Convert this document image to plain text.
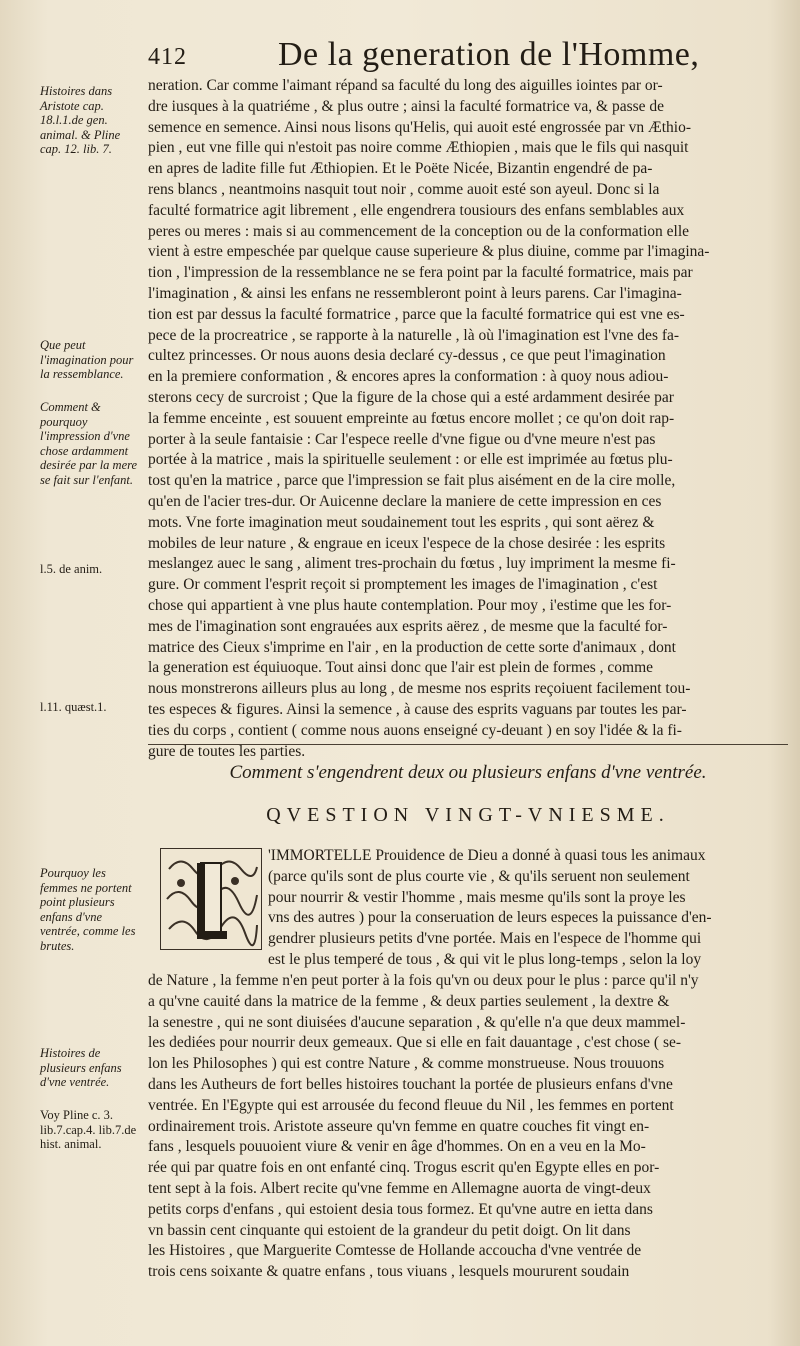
412	De la generation de l'Homme,
Histoires dans Aristote cap. 18.l.1.de gen. animal. & Pline cap. 12. lib. 7.
Que peut l'imagination pour la ressemblance.
Comment & pourquoy l'impression d'vne chose ardamment desirée par la mere se fait sur l'enfant.
l.5. de anim.
l.11. quæst.1.
Pourquoy les femmes ne portent point plusieurs enfans d'vne ventrée, comme les brutes.
Histoires de plusieurs enfans d'vne ventrée.
Voy Pline c. 3. lib.7.cap.4. lib.7.de hist. animal.
neration. Car comme l'aimant répand sa faculté du long des aiguilles iointes par or-
dre iusques à la quatriéme , & plus outre ; ainsi la faculté formatrice va, & passe de
semence en semence. Ainsi nous lisons qu'Helis, qui auoit esté engrossée par vn Æthio-
pien , eut vne fille qui n'estoit pas noire comme Æthiopien , mais que le fils qui nasquit
en apres de ladite fille fut Æthiopien. Et le Poëte Nicée, Bizantin engendré de pa-
rens blancs , neantmoins nasquit tout noir , comme auoit esté son ayeul. Donc si la
faculté formatrice agit librement , elle engendrera tousiours des enfans semblables aux
peres ou meres : mais si au commencement de la conception ou de la conformation elle
vient à estre empeschée par quelque cause superieure & plus diuine, comme par l'imagina-
tion , l'impression de la ressemblance ne se fera point par la faculté formatrice, mais par
l'imagination , & ainsi les enfans ne ressembleront point à leurs parens. Car l'imagina-
tion est par dessus la faculté formatrice , parce que la faculté formatrice qui est vne es-
pece de la procreatrice , se rapporte à la naturelle , là où l'imagination est l'vne des fa-
cultez princesses. Or nous auons desia declaré cy-dessus , ce que peut l'imagination
en la premiere conformation , & encores apres la conformation : à quoy nous adiou-
sterons cecy de surcroist ; Que la figure de la chose qui a esté ardamment desirée par
la femme enceinte , est souuent empreinte au fœtus encore mollet ; ce qu'on doit rap-
porter à la seule fantaisie : Car l'espece reelle d'vne figue ou d'vne meure n'est pas
portée à la matrice , mais la spirituelle seulement : or elle est imprimée au fœtus plu-
tost qu'en la matrice , parce que l'impression se fait plus aisément en de la cire molle,
qu'en de l'acier tres-dur. Or Auicenne declare la maniere de cette impression en ces
mots. Vne forte imagination meut soudainement tout les esprits , qui sont aërez &
mobiles de leur nature , & engraue en iceux l'espece de la chose desirée : les esprits
meslangez auec le sang , aliment tres-prochain du fœtus , luy impriment la mesme fi-
gure. Or comment l'esprit reçoit si promptement les images de l'imagination , c'est
chose qui appartient à vne plus haute contemplation. Pour moy , i'estime que les for-
mes de l'imagination sont engrauées aux esprits aërez , de mesme que la faculté for-
matrice des Cieux s'imprime en l'air , en la production de cette sorte d'animaux , dont
la generation est équiuoque. Tout ainsi donc que l'air est plein de formes , comme
nous monstrerons ailleurs plus au long , de mesme nos esprits reçoiuent facilement tou-
tes especes & figures. Ainsi la semence , à cause des esprits vaguans par toutes les par-
ties du corps , contient ( comme nous auons enseigné cy-deuant ) en soy l'idée & la fi-
gure de toutes les parties.
Comment s'engendrent deux ou plusieurs enfans d'vne ventrée.
QVESTION VINGT-VNIESME.
'IMMORTELLE Prouidence de Dieu a donné à quasi tous les animaux
(parce qu'ils sont de plus courte vie , & qu'ils seruent non seulement
pour nourrir & vestir l'homme , mais mesme qu'ils sont la proye les
vns des autres ) pour la conseruation de leurs especes la puissance d'en-
gendrer plusieurs petits d'vne portée. Mais en l'espece de l'homme qui
est le plus temperé de tous , & qui vit le plus long-temps , selon la loy
de Nature , la femme n'en peut porter à la fois qu'vn ou deux pour le plus : parce qu'il n'y
a qu'vne cauité dans la matrice de la femme , & deux parties seulement , la dextre &
la senestre , qui ne sont diuisées d'aucune separation , & qu'elle n'a que deux mammel-
les dediées pour nourrir deux gemeaux. Que si elle en fait dauantage , c'est chose ( se-
lon les Philosophes ) qui est contre Nature , & comme monstrueuse. Nous trouuons
dans les Autheurs de fort belles histoires touchant la portée de plusieurs enfans d'vne
ventrée. En l'Egypte qui est arrousée du fecond fleuue du Nil , les femmes en portent
ordinairement trois. Aristote asseure qu'vn femme en quatre couches fit vingt en-
fans , lesquels pouuoient viure & venir en âge d'hommes. On en a veu en la Mo-
rée qui par quatre fois en ont enfanté cinq. Trogus escrit qu'en Egypte elles en por-
tent sept à la fois. Albert recite qu'vne femme en Allemagne auorta de vingt-deux
petits corps d'enfans , qui estoient desia tous formez. Et qu'vne autre en ietta dans
vn bassin cent cinquante qui estoient de la grandeur du petit doigt. On lit dans
les Histoires , que Marguerite Comtesse de Hollande accoucha d'vne ventrée de
trois cens soixante & quatre enfans , tous viuans , lesquels moururent soudain
